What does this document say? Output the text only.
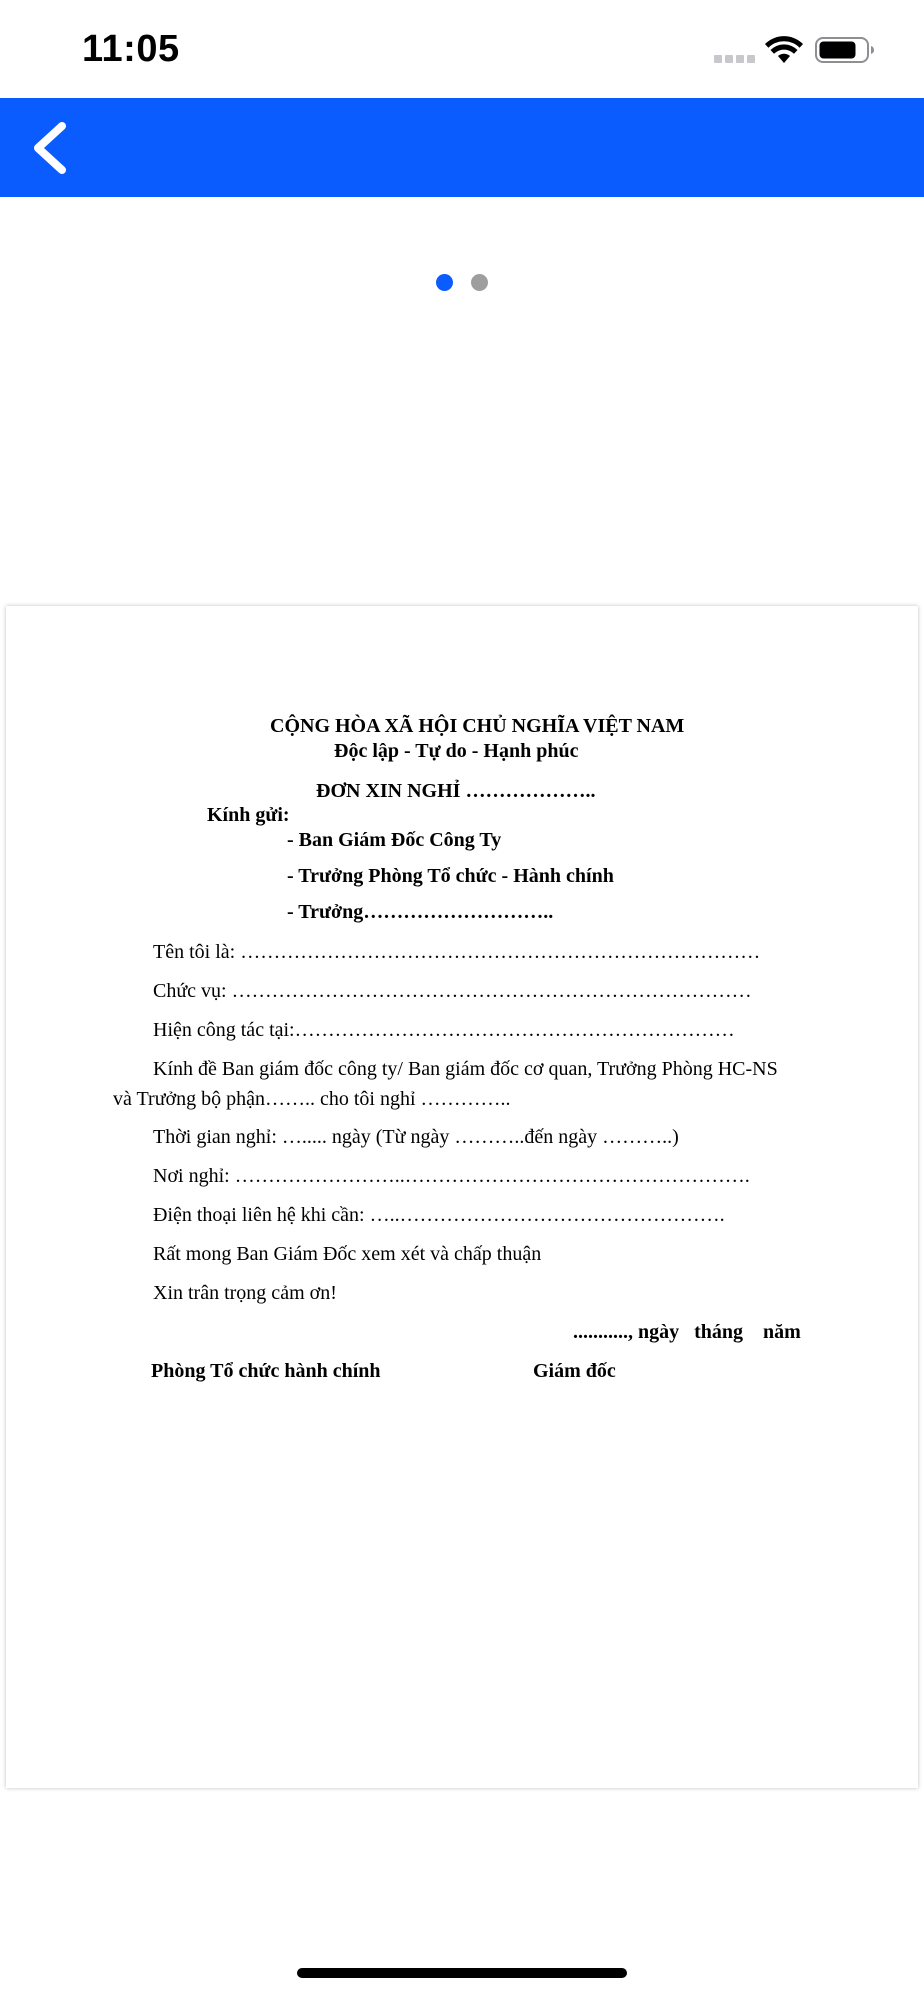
11:05
CỘNG HÒA XÃ HỘI CHỦ NGHĨA VIỆT NAM
Độc lập - Tự do - Hạnh phúc
ĐƠN XIN NGHỈ ………………..
Kính gửi:
- Ban Giám Đốc Công Ty
- Trưởng Phòng Tổ chức - Hành chính
- Trưởng………………………..
Tên tôi là: ……………………………………………………………………
Chức vụ: ……………………………………………………………………
Hiện công tác tại:…………………………………………………………
Kính đề Ban giám đốc công ty/ Ban giám đốc cơ quan, Trưởng Phòng HC-NS
và Trưởng bộ phận…….. cho tôi nghỉ …………..
Thời gian nghỉ: …..... ngày (Từ ngày ………..đến ngày ………..)
Nơi nghỉ: ……………………..…………………………………………….
Điện thoại liên hệ khi cần: …..………………………………………….
Rất mong Ban Giám Đốc xem xét và chấp thuận
Xin trân trọng cảm ơn!
..........., ngày   tháng    năm
Phòng Tổ chức hành chính	Giám đốc
